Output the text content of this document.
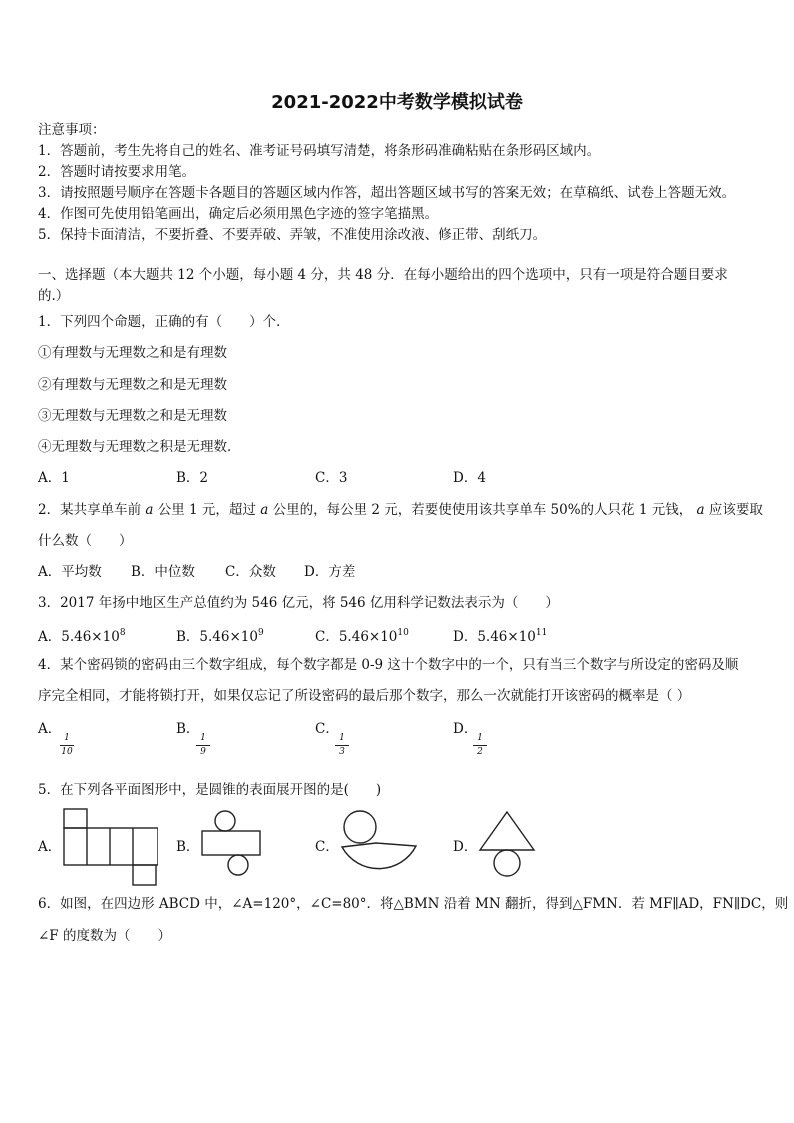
2021-2022中考数学模拟试卷
注意事项：
1．答题前，考生先将自己的姓名、准考证号码填写清楚，将条形码准确粘贴在条形码区域内。
2．答题时请按要求用笔。
3．请按照题号顺序在答题卡各题目的答题区域内作答，超出答题区域书写的答案无效；在草稿纸、试卷上答题无效。
4．作图可先使用铅笔画出，确定后必须用黑色字迹的签字笔描黑。
5．保持卡面清洁，不要折叠、不要弄破、弄皱，不准使用涂改液、修正带、刮纸刀。
一、选择题（本大题共 12 个小题，每小题 4 分，共 48 分．在每小题给出的四个选项中，只有一项是符合题目要求
的.）
1．下列四个命题，正确的有（　　）个．
①有理数与无理数之和是有理数
②有理数与无理数之和是无理数
③无理数与无理数之和是无理数
④无理数与无理数之积是无理数．
A．1	B．2	C．3	D．4
2．某共享单车前 a 公里 1 元，超过 a 公里的，每公里 2 元，若要使使用该共享单车 50%的人只花 1 元钱， a 应该要取
什么数（　　）
A．平均数 B．中位数 C．众数 D．方差
3．2017 年扬中地区生产总值约为 546 亿元，将 546 亿用科学记数法表示为（　　）
A．$5.46\times 10^8$	B．$5.46\times 10^9$	C．$5.46\times 10^{10}$	D．$5.46\times 10^{11}$
4．某个密码锁的密码由三个数字组成，每个数字都是 0-9 这十个数字中的一个，只有当三个数字与所设定的密码及顺
序完全相同，才能将锁打开，如果仅忘记了所设密码的最后那个数字，那么一次就能打开该密码的概率是（ ）
A．
1
10
B．
1
9
C．
1
3
D．
1
2
5．在下列各平面图形中，是圆锥的表面展开图的是(　　)
A．	B．	C．	D．
6．如图，在四边形 ABCD 中，∠A=120°，∠C=80°．将△BMN 沿着 MN 翻折，得到△FMN．若 MF∥AD，FN∥DC，则
∠F 的度数为（　　）
